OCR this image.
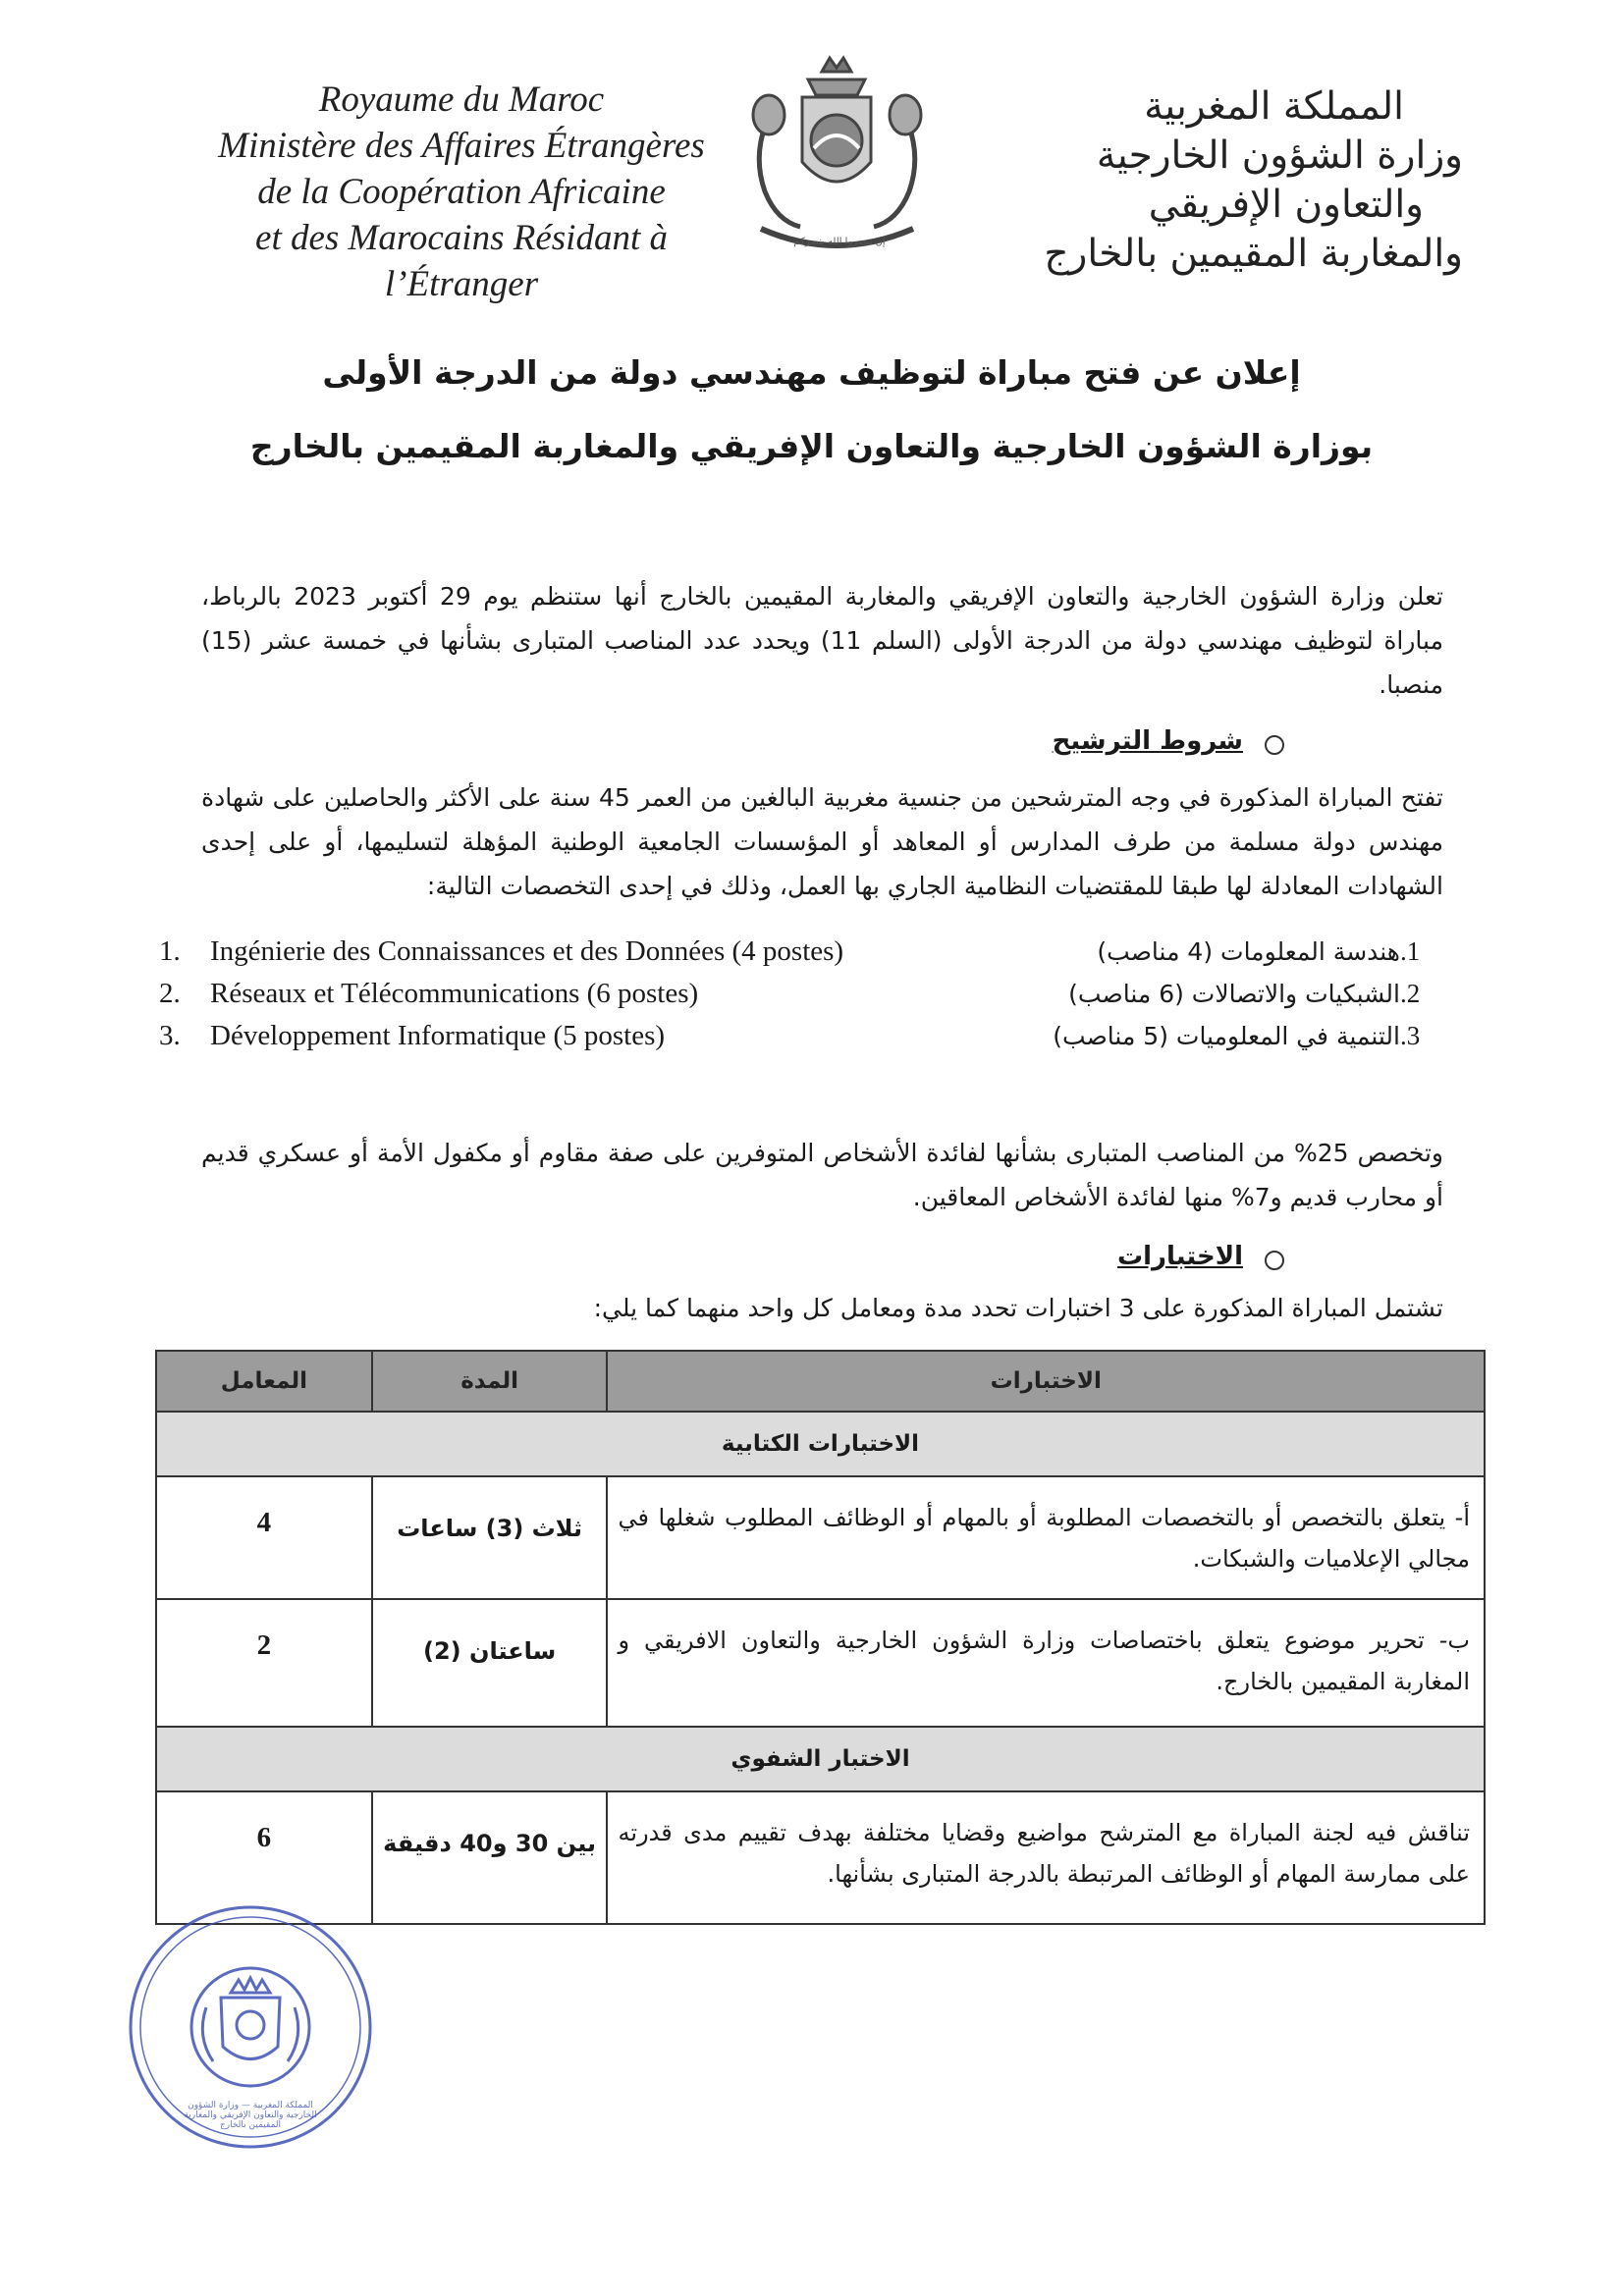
Royaume du Maroc
Ministère des Affaires Étrangères
de la Coopération Africaine
et des Marocains Résidant à l’Étranger
إن تنصروا الله ينصركم
المملكة المغربية
وزارة الشؤون الخارجية
والتعاون الإفريقي
والمغاربة المقيمين بالخارج
إعلان عن فتح مباراة لتوظيف مهندسي دولة من الدرجة الأولى
بوزارة الشؤون الخارجية والتعاون الإفريقي والمغاربة المقيمين بالخارج
تعلن وزارة الشؤون الخارجية والتعاون الإفريقي والمغاربة المقيمين بالخارج أنها ستنظم يوم 29 أكتوبر 2023 بالرباط، مباراة لتوظيف مهندسي دولة من الدرجة الأولى (السلم 11) ويحدد عدد المناصب المتبارى بشأنها في خمسة عشر (15) منصبا.
شروط الترشيح
تفتح المباراة المذكورة في وجه المترشحين من جنسية مغربية البالغين من العمر 45 سنة على الأكثر والحاصلين على شهادة مهندس دولة مسلمة من طرف المدارس أو المعاهد أو المؤسسات الجامعية الوطنية المؤهلة لتسليمها، أو على إحدى الشهادات المعادلة لها طبقا للمقتضيات النظامية الجاري بها العمل، وذلك في إحدى التخصصات التالية:
1. Ingénierie des Connaissances et des Données (4 postes)
2. Réseaux et Télécommunications (6 postes)
3. Développement Informatique (5 postes)
1.هندسة المعلومات (4 مناصب)
2.الشبكيات والاتصالات (6 مناصب)
3.التنمية في المعلوميات (5 مناصب)
وتخصص 25% من المناصب المتبارى بشأنها لفائدة الأشخاص المتوفرين على صفة مقاوم أو مكفول الأمة أو عسكري قديم أو محارب قديم و7% منها لفائدة الأشخاص المعاقين.
الاختبارات
تشتمل المباراة المذكورة على 3 اختبارات تحدد مدة ومعامل كل واحد منهما كما يلي:
الاختبارات	المدة	المعامل
الاختبارات الكتابية		
أ- يتعلق بالتخصص أو بالتخصصات المطلوبة أو بالمهام أو الوظائف المطلوب شغلها في مجالي الإعلاميات والشبكات.	ثلاث (3) ساعات	4
ب- تحرير موضوع يتعلق باختصاصات وزارة الشؤون الخارجية والتعاون الافريقي و المغاربة المقيمين بالخارج.	ساعتان (2)	2
الاختبار الشفوي		
تناقش فيه لجنة المباراة مع المترشح مواضيع وقضايا مختلفة بهدف تقييم مدى قدرته على ممارسة المهام أو الوظائف المرتبطة بالدرجة المتبارى بشأنها.	بين 30 و40 دقيقة	6
المملكة المغربية — وزارة الشؤون الخارجية والتعاون الإفريقي والمغاربة المقيمين بالخارج
